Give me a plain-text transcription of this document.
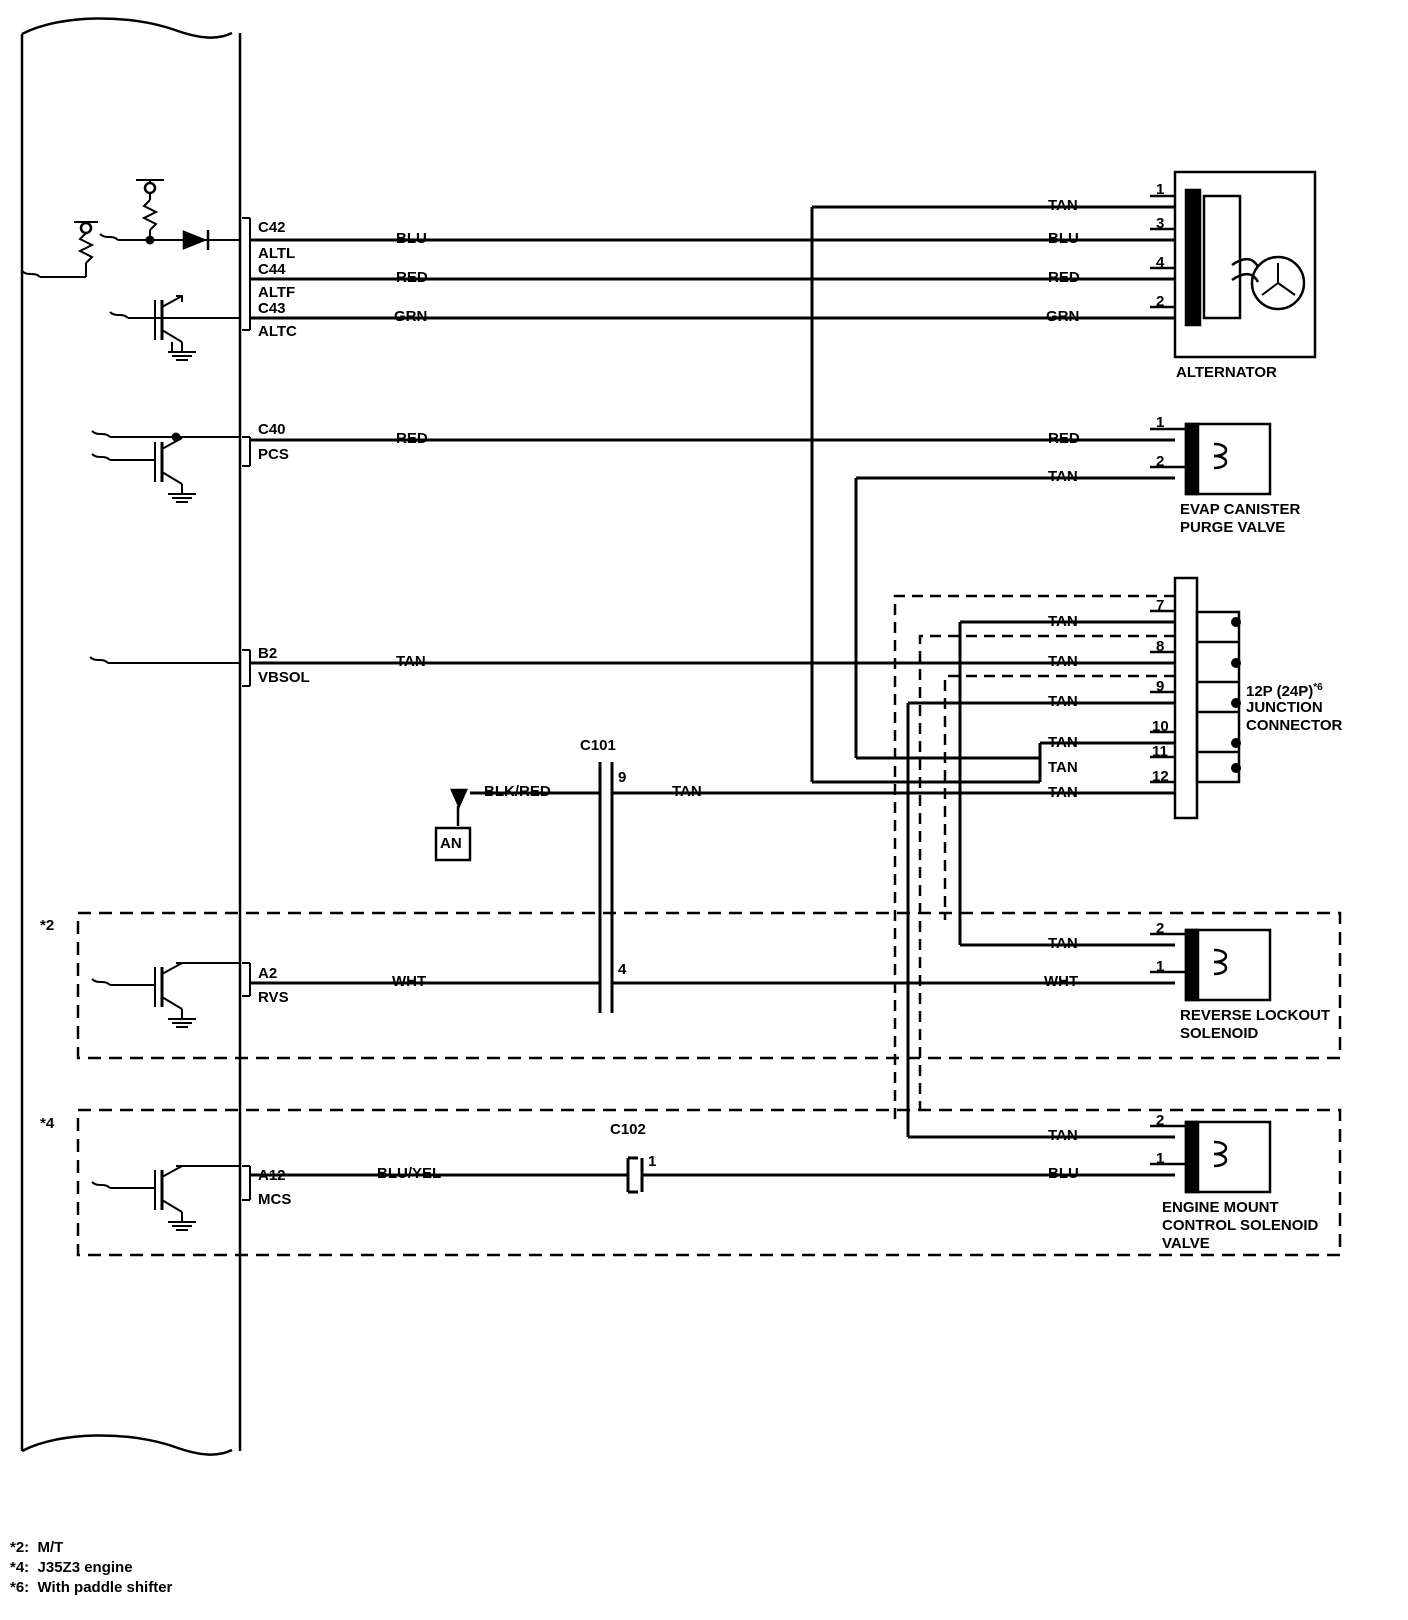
C42
ALTL
C44
ALTF
C43
ALTC
C40
PCS
B2
VBSOL
A2
RVS
A12
MCS
BLU
RED
GRN
RED
TAN
WHT
BLU/YEL
C101
BLK/RED
9
TAN
4
AN
C102
1
TAN
1
BLU
3
RED
4
GRN
2
ALTERNATOR
RED
1
TAN
2
EVAP CANISTER
PURGE VALVE
TAN
7
TAN
8
TAN
9
TAN
10
TAN
11
TAN
12
12P $(24P)^{*6}$
JUNCTION
CONNECTOR
TAN
2
WHT
1
REVERSE LOCKOUT
SOLENOID
TAN
2
BLU
1
ENGINE MOUNT
CONTROL SOLENOID
VALVE
*2
*4
*2:  M/T
*4:  J35Z3 engine
*6:  With paddle shifter
